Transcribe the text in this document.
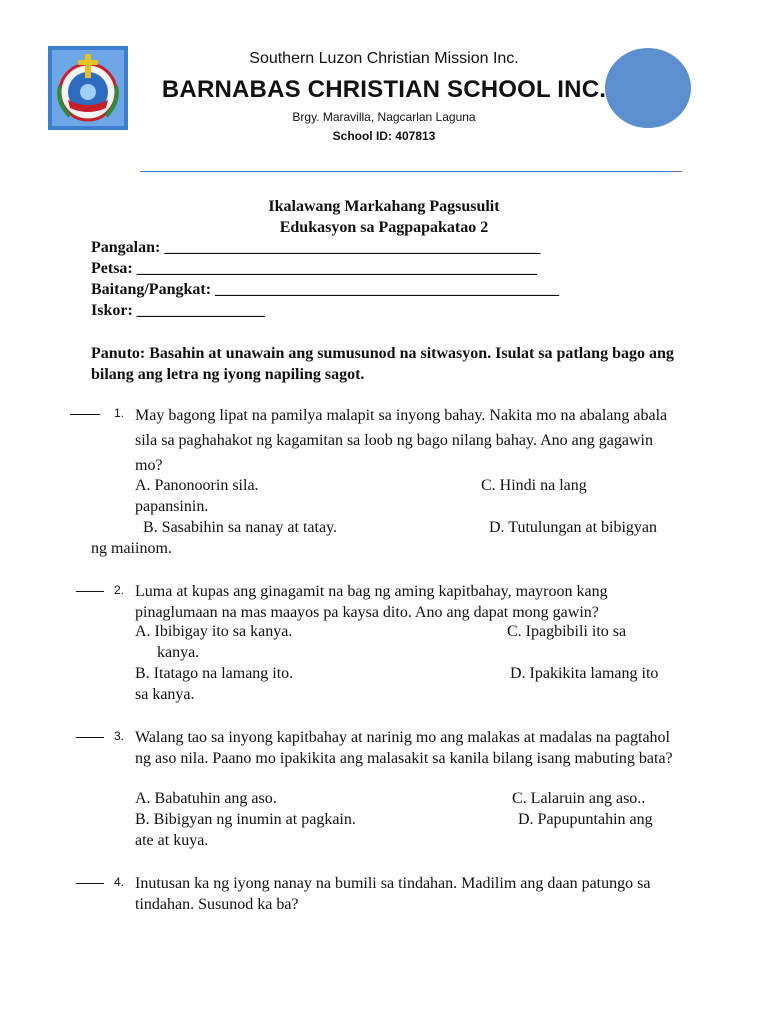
Southern Luzon Christian Mission Inc.
BARNABAS CHRISTIAN SCHOOL INC.
Brgy. Maravilla, Nagcarlan Laguna
School ID: 407813
Ikalawang Markahang Pagsusulit
Edukasyon sa Pagpapakatao 2
Pangalan: _______________________________________________
Petsa: __________________________________________________
Baitang/Pangkat: ___________________________________________
Iskor: ________________
Panuto: Basahin at unawain ang sumusunod na sitwasyon. Isulat sa patlang bago ang bilang ang letra ng iyong napiling sagot.
1. May bagong lipat na pamilya malapit sa inyong bahay. Nakita mo na abalang abala sila sa paghahakot ng kagamitan sa loob ng bago nilang bahay. Ano ang gagawin mo?
A. Panonoorin sila.	C. Hindi na lang
papansinin.
B. Sasabihin sa nanay at tatay.	D. Tutulungan at bibigyan
ng maiinom.
2. Luma at kupas ang ginagamit na bag ng aming kapitbahay, mayroon kang pinaglumaan na mas maayos pa kaysa dito. Ano ang dapat mong gawin?
A. Ibibigay ito sa kanya.	C. Ipagbibili ito sa
kanya.
B. Itatago na lamang ito.	D. Ipakikita lamang ito
sa kanya.
3. Walang tao sa inyong kapitbahay at narinig mo ang malakas at madalas na pagtahol ng aso nila. Paano mo ipakikita ang malasakit sa kanila bilang isang mabuting bata?
A. Babatuhin ang aso.	C. Lalaruin ang aso..
B. Bibigyan ng inumin at pagkain.	D. Papupuntahin ang
ate at kuya.
4. Inutusan ka ng iyong nanay na bumili sa tindahan. Madilim ang daan patungo sa tindahan. Susunod ka ba?
